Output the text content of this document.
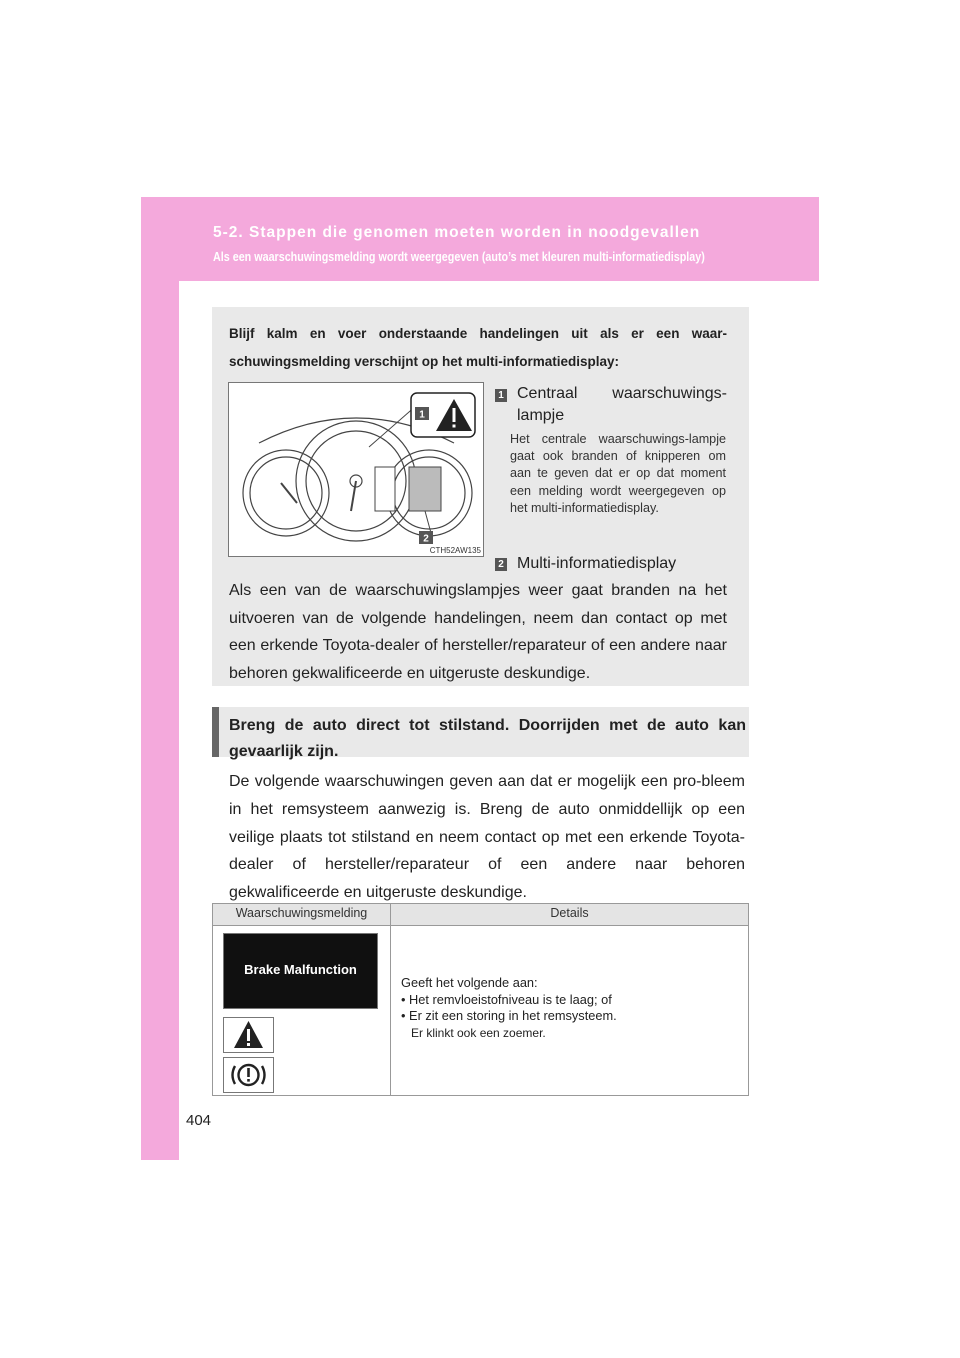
5-2. Stappen die genomen moeten worden in noodgevallen
Als een waarschuwingsmelding wordt weergegeven (auto’s met kleuren multi-informatiedisplay)

Blijf kalm en voer onderstaande handelingen uit als er een waar-schuwingsmelding verschijnt op het multi-informatiedisplay:

1
2
CTH52AW135
1 Centraal waarschuwings-lampje

Het centrale waarschuwings-lampje gaat ook branden of knipperen om aan te geven dat er op dat moment een melding wordt weergegeven op het multi-informatiedisplay.

2 Multi-informatiedisplay

Als een van de waarschuwingslampjes weer gaat branden na het uitvoeren van de volgende handelingen, neem dan contact op met een erkende Toyota-dealer of hersteller/reparateur of een andere naar behoren gekwalificeerde en uitgeruste deskundige.

Breng de auto direct tot stilstand. Doorrijden met de auto kan gevaarlijk zijn.

De volgende waarschuwingen geven aan dat er mogelijk een pro-bleem in het remsysteem aanwezig is. Breng de auto onmiddellijk op een veilige plaats tot stilstand en neem contact op met een erkende Toyota-dealer of hersteller/reparateur of een andere naar behoren gekwalificeerde en uitgeruste deskundige.

Waarschuwingsmelding	Details
Brake Malfunction
Geeft het volgende aan:
• Het remvloeistofniveau is te laag; of
• Er zit een storing in het remsysteem.
Er klinkt ook een zoemer.
404
